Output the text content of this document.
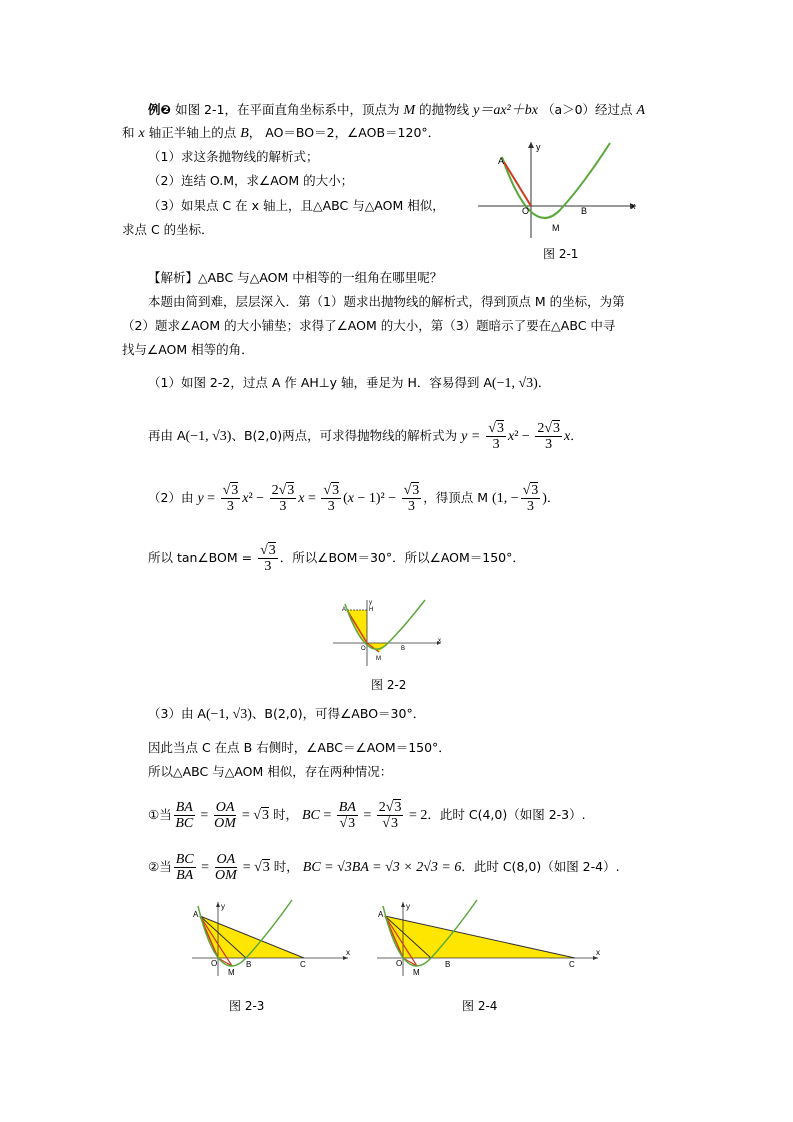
例❷ 如图 2-1，在平面直角坐标系中，顶点为 M 的抛物线 y＝ax²＋bx （a＞0）经过点 A
和 x 轴正半轴上的点 B， AO＝BO＝2，∠AOB＝120°．
（1）求这条抛物线的解析式；
（2）连结 O.M，求∠AOM 的大小；
（3）如果点 C 在 x 轴上，且△ABC 与△AOM 相似，
求点 C 的坐标．
A
y
x
O	B
M
图 2-1
【解析】△ABC 与△AOM 中相等的一组角在哪里呢？
本题由简到难，层层深入．第（1）题求出抛物线的解析式，得到顶点 M 的坐标，为第
（2）题求∠AOM 的大小铺垫；求得了∠AOM 的大小，第（3）题暗示了要在△ABC 中寻
找与∠AOM 相等的角．
（1）如图 2-2，过点 A 作 AH⊥y 轴，垂足为 H．容易得到 A(−1, √3)．
再由 A(−1, √3)、B(2,0)两点，可求得抛物线的解析式为 $y = \frac{√3}{3} x^2 - \frac{2√3}{3}$ x．
（2）由 $y = \frac{√3}{3} x^2 - \frac{2√3}{3}$ $x = \frac{√3}{3} (x - 1)^2 - \frac{√3}{3}$ ，得顶点 M (1, − $\frac{√3}{3}$ )．
所以 tan∠BOM = $\frac{√3}{3}$ ．所以∠BOM＝30°．所以∠AOM＝150°．
A	H
y
x
O	B
M
图 2-2
（3）由 A(−1, √3)、B(2,0)，可得∠ABO＝30°．
因此当点 C 在点 B 右侧时，∠ABC＝∠AOM＝150°．
所以△ABC 与△AOM 相似，存在两种情况：
①当 $\frac{BA}{BC} = \frac{OA}{OM} = √3$ 时， BC = $\frac{BA}{√3} = \frac{2√3}{√3} = 2$．此时 C(4,0)（如图 2-3）.
②当 $\frac{BC}{BA} = \frac{OA}{OM} = √3$ 时， BC = √3BA = √3 × 2√3 = 6．此时 C(8,0)（如图 2-4）.
A
y
x
O	B	C
M
图 2-3
A
y
x
O	B	C
M
图 2-4
